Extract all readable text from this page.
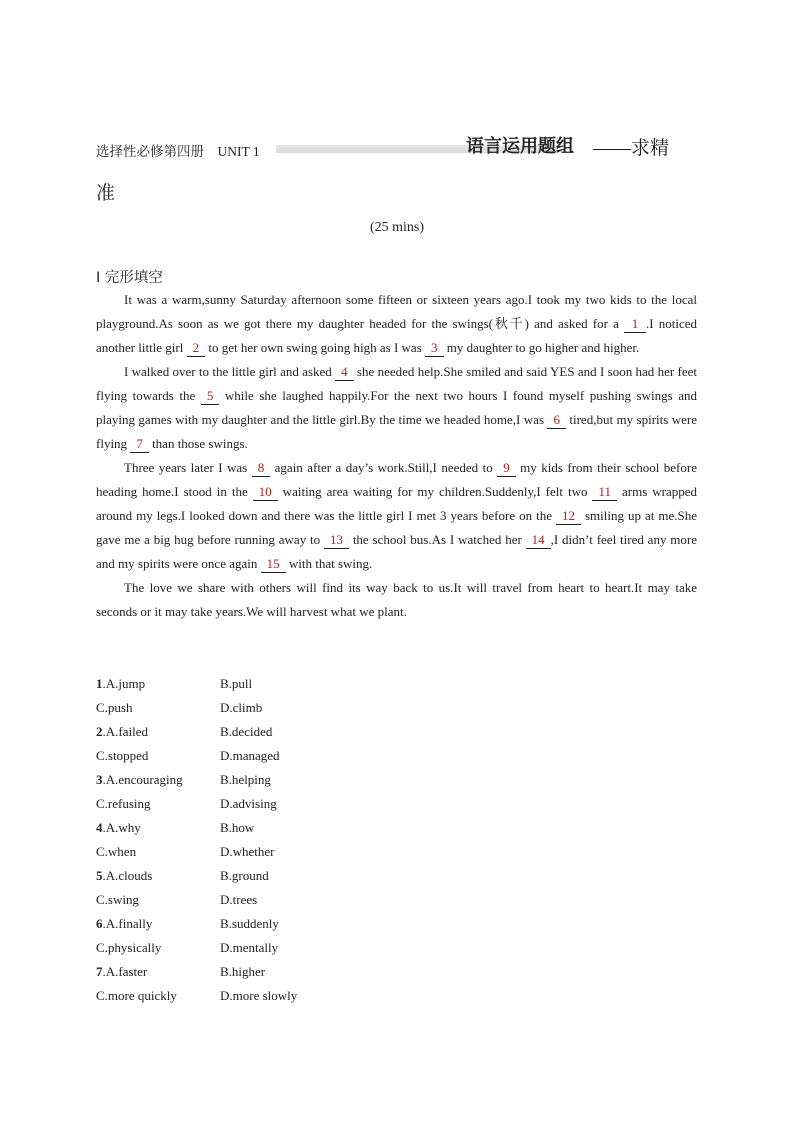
选择性必修第四册 UNIT 1	语言运用题组 ——求精
准
(25 mins)
Ⅰ 完形填空

It was a warm,sunny Saturday afternoon some fifteen or sixteen years ago.I took my two kids to the local playground.As soon as we got there my daughter headed for the swings(秋千) and asked for a 1 .I noticed another little girl 2 to get her own swing going high as I was 3 my daughter to go higher and higher.

I walked over to the little girl and asked 4 she needed help.She smiled and said YES and I soon had her feet flying towards the 5 while she laughed happily.For the next two hours I found myself pushing swings and playing games with my daughter and the little girl.By the time we headed home,I was 6 tired,but my spirits were flying 7 than those swings.

Three years later I was 8 again after a day’s work.Still,I needed to 9 my kids from their school before heading home.I stood in the 10 waiting area waiting for my children.Suddenly,I felt two 11 arms wrapped around my legs.I looked down and there was the little girl I met 3 years before on the 12 smiling up at me.She gave me a big hug before running away to 13 the school bus.As I watched her 14 ,I didn’t feel tired any more and my spirits were once again 15 with that swing.

The love we share with others will find its way back to us.It will travel from heart to heart.It may take seconds or it may take years.We will harvest what we plant.

1.A.jump	B.pull
C.push	D.climb
2.A.failed	B.decided
C.stopped	D.managed
3.A.encouraging	B.helping
C.refusing	D.advising
4.A.why	B.how
C.when	D.whether
5.A.clouds	B.ground
C.swing	D.trees
6.A.finally	B.suddenly
C.physically	D.mentally
7.A.faster	B.higher
C.more quickly	D.more slowly
